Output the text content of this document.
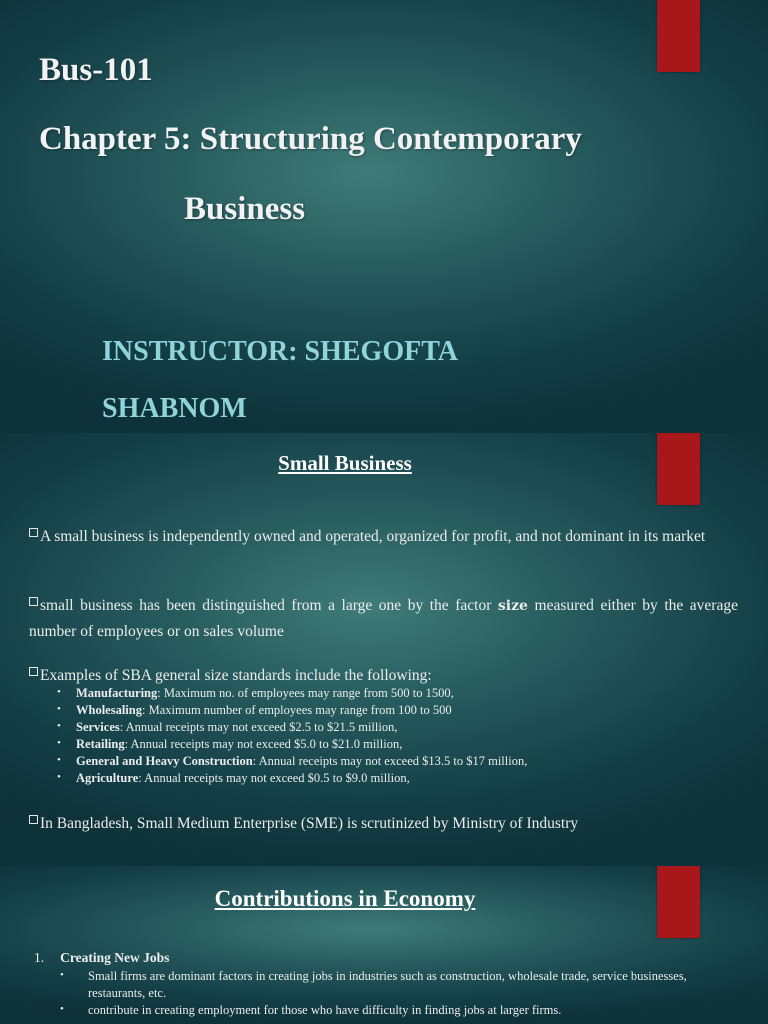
Bus-101
Chapter 5: Structuring Contemporary
Business
INSTRUCTOR: SHEGOFTA
SHABNOM
Small Business
A small business is independently owned and operated, organized for profit, and not dominant in its market
small business has been distinguished from a large one by the factor size measured either by the average number of employees or on sales volume
Examples of SBA general size standards include the following:
• Manufacturing: Maximum no. of employees may range from 500 to 1500,
• Wholesaling: Maximum number of employees may range from 100 to 500
• Services: Annual receipts may not exceed $2.5 to $21.5 million,
• Retailing: Annual receipts may not exceed $5.0 to $21.0 million,
• General and Heavy Construction: Annual receipts may not exceed $13.5 to $17 million,
• Agriculture: Annual receipts may not exceed $0.5 to $9.0 million,
In Bangladesh, Small Medium Enterprise (SME) is scrutinized by Ministry of Industry
Contributions in Economy
1. Creating New Jobs
• Small firms are dominant factors in creating jobs in industries such as construction, wholesale trade, service businesses, restaurants, etc.
• contribute in creating employment for those who have difficulty in finding jobs at larger firms.
